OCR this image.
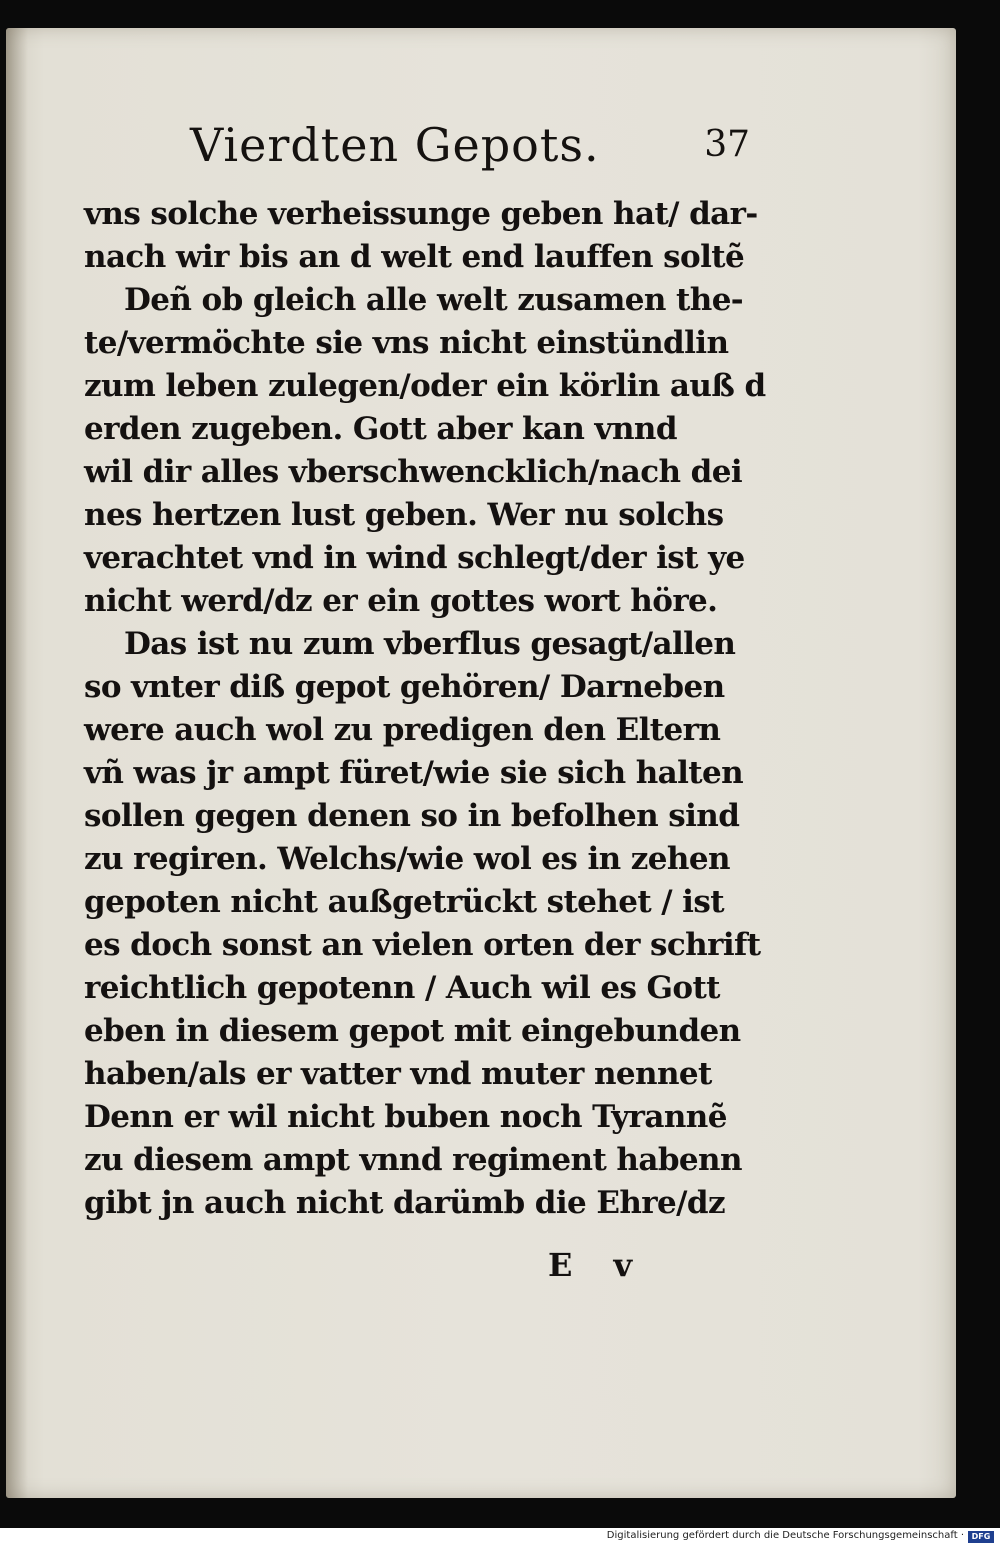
Vierdten Gepots.	37
vns solche verheissunge geben hat/ dar-
nach wir bis an d welt end lauffen soltẽ
Deñ ob gleich alle welt zusamen the-
te/vermöchte sie vns nicht einstündlin
zum leben zulegen/oder ein körlin auß d
erden zugeben. Gott aber kan vnnd
wil dir alles vberschwencklich/nach dei
nes hertzen lust geben. Wer nu solchs
verachtet vnd in wind schlegt/der ist ye
nicht werd/dz er ein gottes wort höre.
Das ist nu zum vberflus gesagt/allen
so vnter diß gepot gehören/ Darneben
were auch wol zu predigen den Eltern
vñ was jr ampt füret/wie sie sich halten
sollen gegen denen so in befolhen sind
zu regiren. Welchs/wie wol es in zehen
gepoten nicht außgetrückt stehet / ist
es doch sonst an vielen orten der schrift
reichtlich gepotenn / Auch wil es Gott
eben in diesem gepot mit eingebunden
haben/als er vatter vnd muter nennet
Denn er wil nicht buben noch Tyrannẽ
zu diesem ampt vnnd regiment habenn
gibt jn auch nicht darümb die Ehre/dz
E v
Digitalisierung gefördert durch die Deutsche Forschungsgemeinschaft · DFG
